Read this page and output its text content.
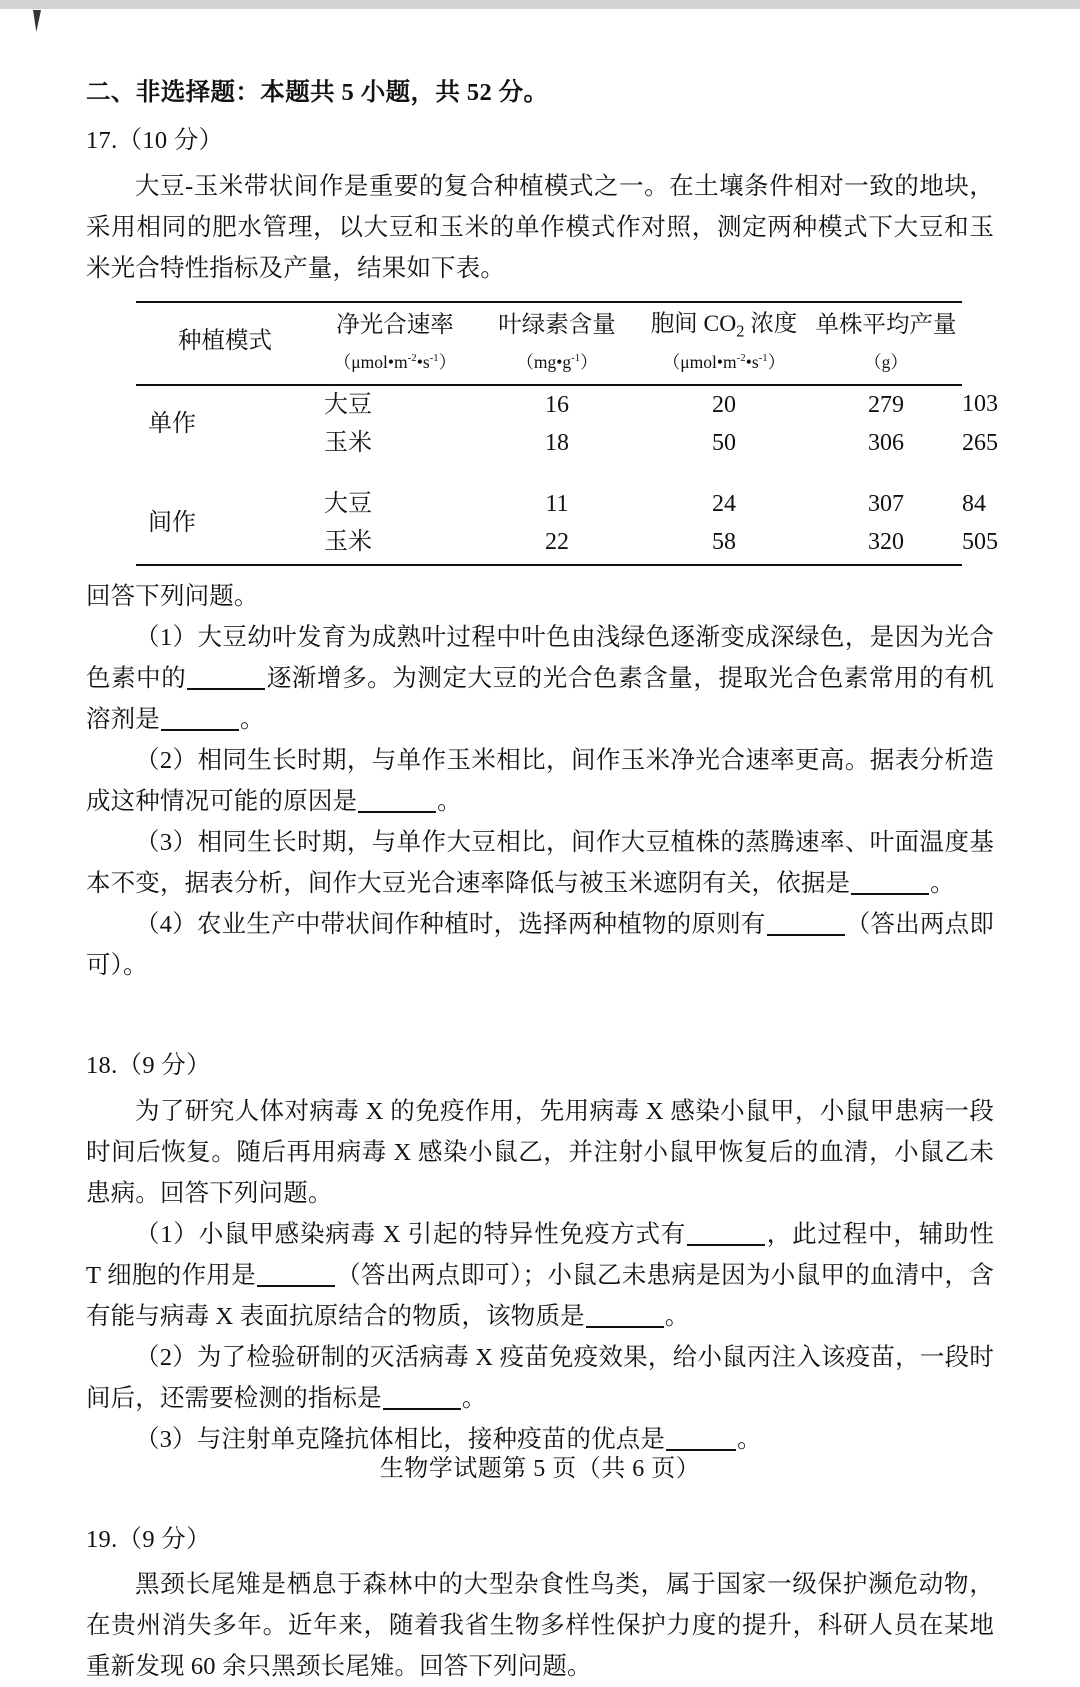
二、非选择题：本题共 5 小题，共 52 分。
17.（10 分）

大豆-玉米带状间作是重要的复合种植模式之一。在土壤条件相对一致的地块，采用相同的肥水管理，以大豆和玉米的单作模式作对照，测定两种模式下大豆和玉米光合特性指标及产量，结果如下表。

种植模式	净光合速率	叶绿素含量	胞间 $CO_2$ 浓度	单株平均产量	
	$(\mu mol•m^{-2}•s^{-1})$	$(mg•g^{-1})$	$(\mu mol•m^{-2}•s^{-1})$	（g）	

单作	大豆	16	20	279	103
	玉米	18	50	306	265

间作	大豆	11	24	307	84
	玉米	22	58	320	505

回答下列问题。

（1）大豆幼叶发育为成熟叶过程中叶色由浅绿色逐渐变成深绿色，是因为光合色素中的	逐渐增多。为测定大豆的光合色素含量，提取光合色素常用的有机溶剂是	。

（2）相同生长时期，与单作玉米相比，间作玉米净光合速率更高。据表分析造成这种情况可能的原因是	。

（3）相同生长时期，与单作大豆相比，间作大豆植株的蒸腾速率、叶面温度基本不变，据表分析，间作大豆光合速率降低与被玉米遮阴有关，依据是	。

（4）农业生产中带状间作种植时，选择两种植物的原则有	（答出两点即可）。

18.（9 分）

为了研究人体对病毒 X 的免疫作用，先用病毒 X 感染小鼠甲，小鼠甲患病一段时间后恢复。随后再用病毒 X 感染小鼠乙，并注射小鼠甲恢复后的血清，小鼠乙未患病。回答下列问题。

（1）小鼠甲感染病毒 X 引起的特异性免疫方式有	，此过程中，辅助性 T 细胞的作用是	（答出两点即可）；小鼠乙未患病是因为小鼠甲的血清中，含有能与病毒 X 表面抗原结合的物质，该物质是	。

（2）为了检验研制的灭活病毒 X 疫苗免疫效果，给小鼠丙注入该疫苗，一段时间后，还需要检测的指标是	。

（3）与注射单克隆抗体相比，接种疫苗的优点是	。

19.（9 分）

黑颈长尾雉是栖息于森林中的大型杂食性鸟类，属于国家一级保护濒危动物，在贵州消失多年。近年来，随着我省生物多样性保护力度的提升，科研人员在某地重新发现 60 余只黑颈长尾雉。回答下列问题。

生物学试题第 5 页（共 6 页）
